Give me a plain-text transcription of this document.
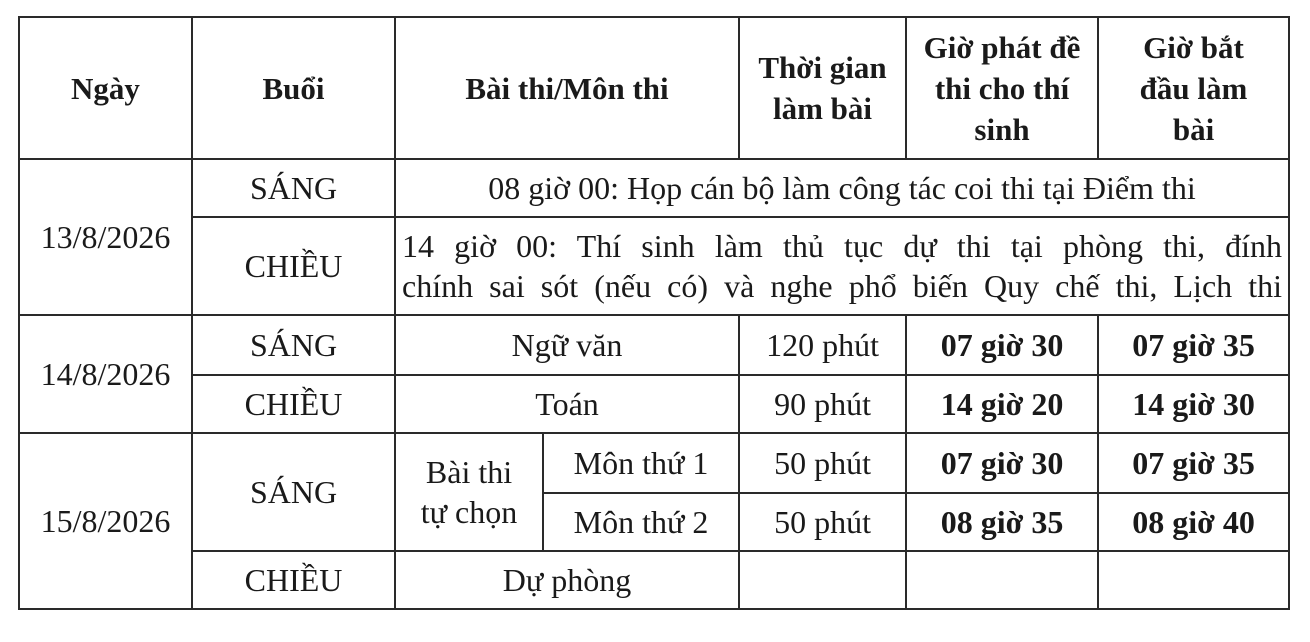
Ngày	Buổi	Bài thi/Môn thi		Thời gian làm bài	Giờ phát đề thi cho thí sinh	Giờ bắt đầu làm bài
13/8/2026	SÁNG	08 giờ 00: Họp cán bộ làm công tác coi thi tại Điểm thi				
	CHIỀU	14 giờ 00: Thí sinh làm thủ tục dự thi tại phòng thi, đính
chính sai sót (nếu có) và nghe phổ biến Quy chế thi, Lịch thi				

14/8/2026	SÁNG	Ngữ văn		120 phút	07 giờ 30	07 giờ 35
	CHIỀU	Toán		90 phút	14 giờ 20	14 giờ 30
15/8/2026	SÁNG	Bài thi
tự chọn	Môn thứ 1	50 phút	07 giờ 30	07 giờ 35
			Môn thứ 2	50 phút	08 giờ 35	08 giờ 40
	CHIỀU	Dự phòng				
